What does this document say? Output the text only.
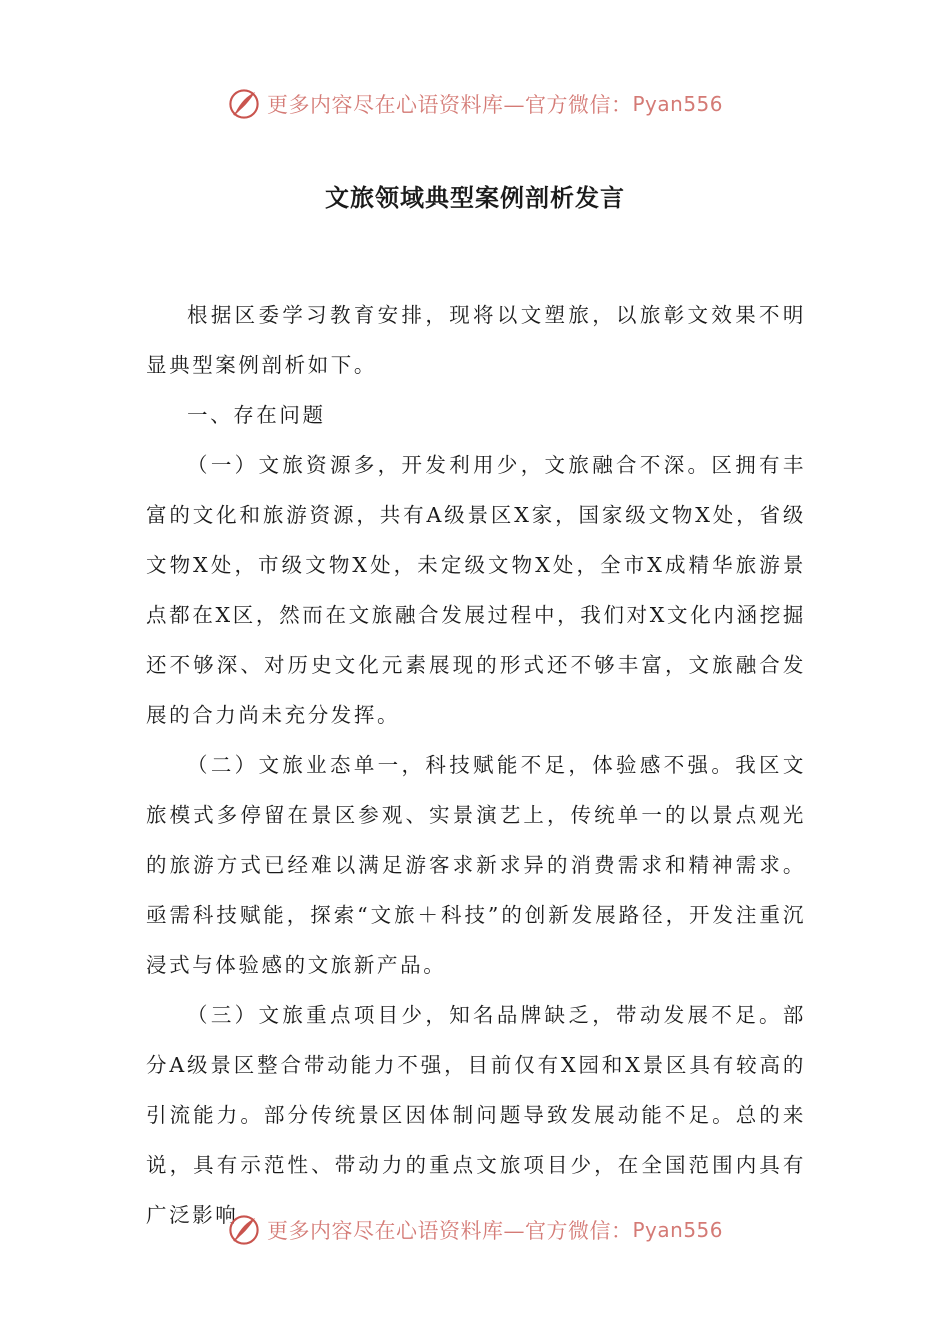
更多内容尽在心语资料库—官方微信： Pyan556
文旅领域典型案例剖析发言

根据区委学习教育安排，现将以文塑旅，以旅彰文效果不明显典型案例剖析如下。

一、存在问题

（一）文旅资源多，开发利用少，文旅融合不深。区拥有丰富的文化和旅游资源，共有A级景区X家，国家级文物X处，省级文物X处，市级文物X处，未定级文物X处，全市X成精华旅游景点都在X区，然而在文旅融合发展过程中，我们对X文化内涵挖掘还不够深、对历史文化元素展现的形式还不够丰富，文旅融合发展的合力尚未充分发挥。

（二）文旅业态单一，科技赋能不足，体验感不强。我区文旅模式多停留在景区参观、实景演艺上，传统单一的以景点观光的旅游方式已经难以满足游客求新求异的消费需求和精神需求。亟需科技赋能，探索“文旅＋科技”的创新发展路径，开发注重沉浸式与体验感的文旅新产品。

（三）文旅重点项目少，知名品牌缺乏，带动发展不足。部分A级景区整合带动能力不强，目前仅有X园和X景区具有较高的引流能力。部分传统景区因体制问题导致发展动能不足。总的来说，具有示范性、带动力的重点文旅项目少，在全国范围内具有广泛影响

更多内容尽在心语资料库—官方微信： Pyan556
